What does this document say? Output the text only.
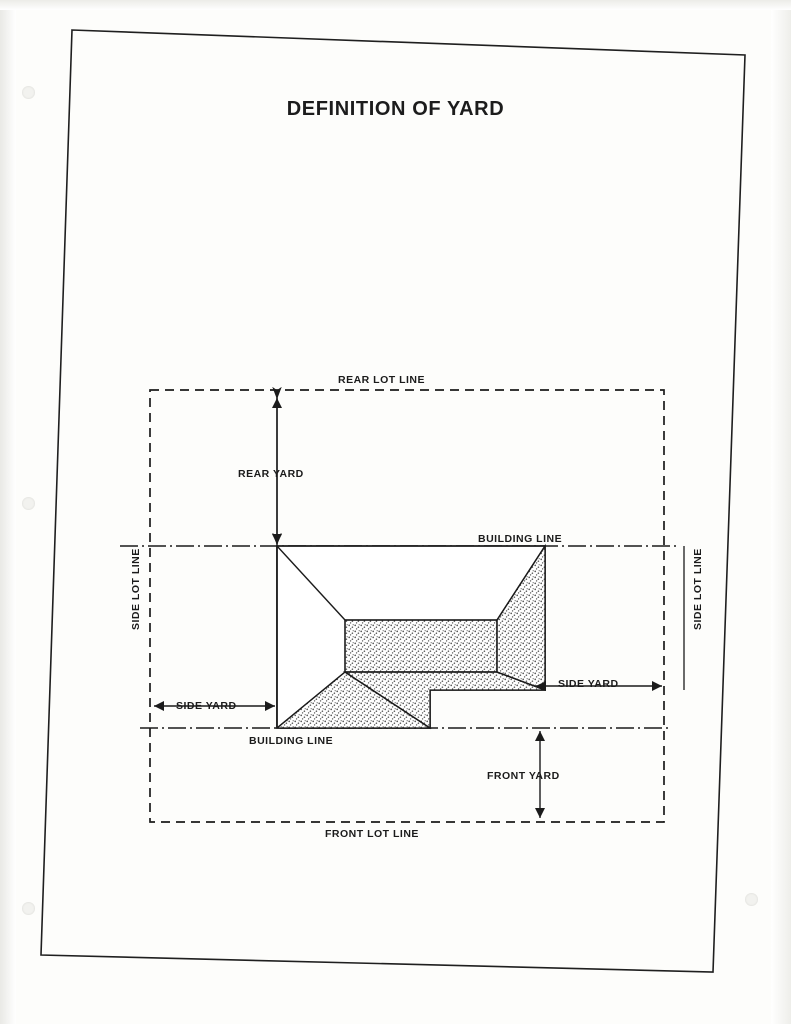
DEFINITION OF YARD
REAR LOT LINE
FRONT LOT LINE
SIDE LOT LINE	SIDE LOT LINE
REAR YARD
FRONT YARD
SIDE YARD
SIDE YARD
BUILDING LINE
BUILDING LINE
